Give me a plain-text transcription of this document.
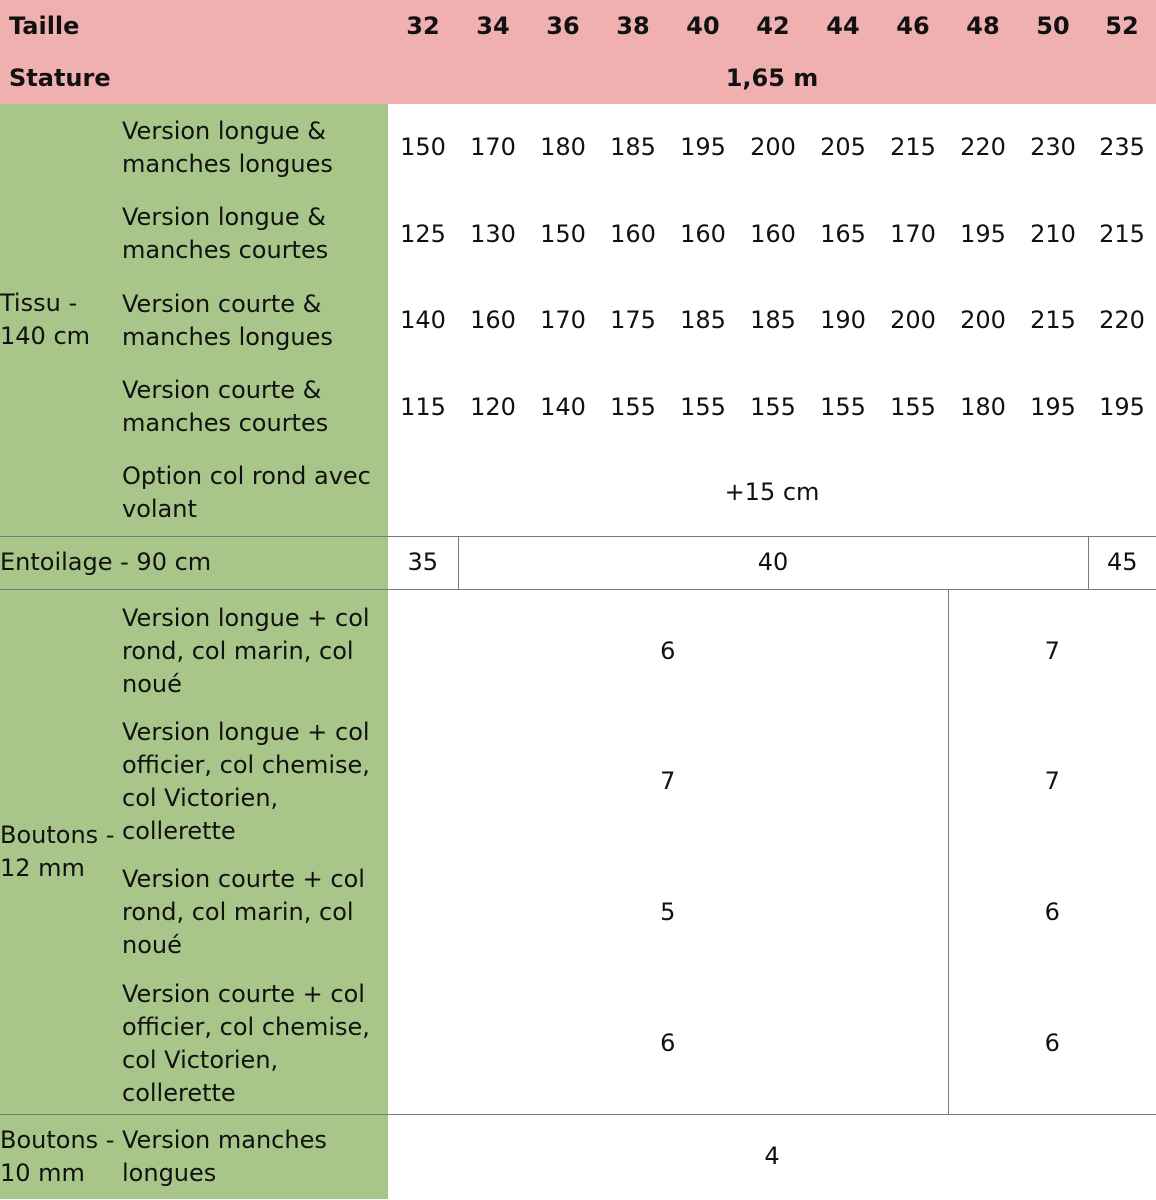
Taille		32	34	36	38	40	42	44	46	48	50	52
Stature		1,65 m										
Tissu - 140 cm	Version longue & manches longues	150	170	180	185	195	200	205	215	220	230	235
	Version longue & manches courtes	125	130	150	160	160	160	165	170	195	210	215
	Version courte & manches longues	140	160	170	175	185	185	190	200	200	215	220
	Version courte & manches courtes	115	120	140	155	155	155	155	155	180	195	195
	Option col rond avec volant	+15 cm										
Entoilage - 90 cm		35	40									45
Boutons - 12 mm	Version longue + col rond, col marin, col noué	6								7		
	Version longue + col officier, col chemise, col Victorien, collerette	7								7		
	Version courte + col rond, col marin, col noué	5								6		
	Version courte + col officier, col chemise, col Victorien, collerette	6								6		
Boutons - 10 mm	Version manches longues	4										
